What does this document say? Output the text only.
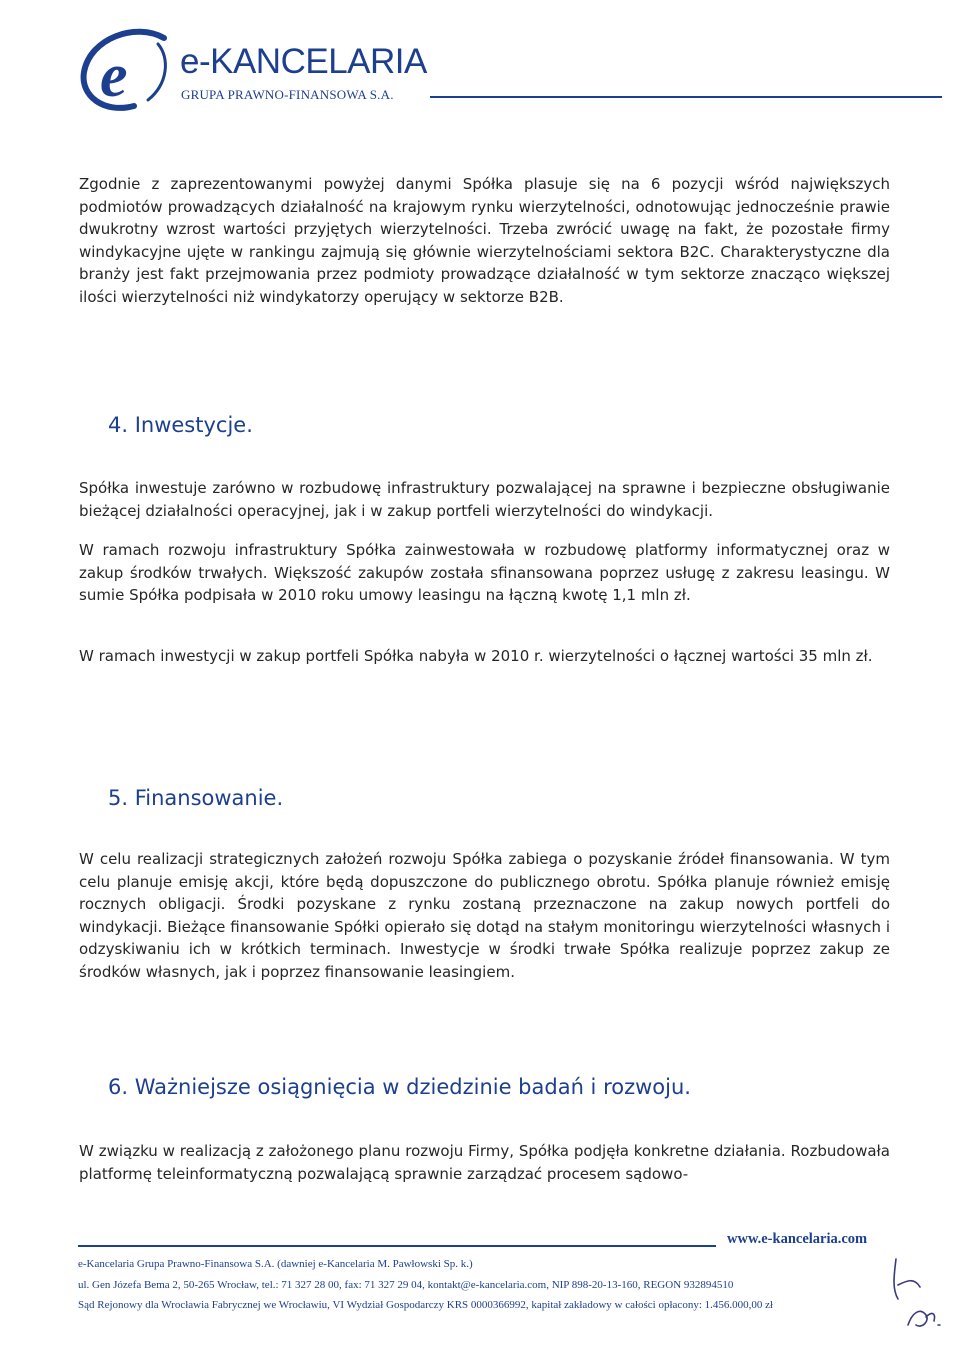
e e-KANCELARIA
GRUPA PRAWNO-FINANSOWA S.A.

Zgodnie z zaprezentowanymi powyżej danymi Spółka plasuje się na 6 pozycji wśród największych podmiotów prowadzących działalność na krajowym rynku wierzytelności, odnotowując jednocześnie prawie dwukrotny wzrost wartości przyjętych wierzytelności. Trzeba zwrócić uwagę na fakt, że pozostałe firmy windykacyjne ujęte w rankingu zajmują się głównie wierzytelnościami sektora B2C. Charakterystyczne dla branży jest fakt przejmowania przez podmioty prowadzące działalność w tym sektorze znacząco większej ilości wierzytelności niż windykatorzy operujący w sektorze B2B.

4. Inwestycje.

Spółka inwestuje zarówno w rozbudowę infrastruktury pozwalającej na sprawne i bezpieczne obsługiwanie bieżącej działalności operacyjnej, jak i w zakup portfeli wierzytelności do windykacji.

W ramach rozwoju infrastruktury Spółka zainwestowała w rozbudowę platformy informatycznej oraz w zakup środków trwałych. Większość zakupów została sfinansowana poprzez usługę z zakresu leasingu. W sumie Spółka podpisała w 2010 roku umowy leasingu na łączną kwotę 1,1 mln zł.

W ramach inwestycji w zakup portfeli Spółka nabyła w 2010 r. wierzytelności o łącznej wartości 35 mln zł.

5. Finansowanie.

W celu realizacji strategicznych założeń rozwoju Spółka zabiega o pozyskanie źródeł finansowania. W tym celu planuje emisję akcji, które będą dopuszczone do publicznego obrotu. Spółka planuje również emisję rocznych obligacji. Środki pozyskane z rynku zostaną przeznaczone na zakup nowych portfeli do windykacji. Bieżące finansowanie Spółki opierało się dotąd na stałym monitoringu wierzytelności własnych i odzyskiwaniu ich w krótkich terminach. Inwestycje w środki trwałe Spółka realizuje poprzez zakup ze środków własnych, jak i poprzez finansowanie leasingiem.

6. Ważniejsze osiągnięcia w dziedzinie badań i rozwoju.

W związku w realizacją z założonego planu rozwoju Firmy, Spółka podjęła konkretne działania. Rozbudowała platformę teleinformatyczną pozwalającą sprawnie zarządzać procesem sądowo-

www.e-kancelaria.com

e-Kancelaria Grupa Prawno-Finansowa S.A. (dawniej e-Kancelaria M. Pawłowski Sp. k.)

ul. Gen Józefa Bema 2, 50-265 Wrocław, tel.: 71 327 28 00, fax: 71 327 29 04, kontakt@e-kancelaria.com, NIP 898-20-13-160, REGON 932894510

Sąd Rejonowy dla Wrocławia Fabrycznej we Wrocławiu, VI Wydział Gospodarczy KRS 0000366992, kapitał zakładowy w całości opłacony: 1.456.000,00 zł
